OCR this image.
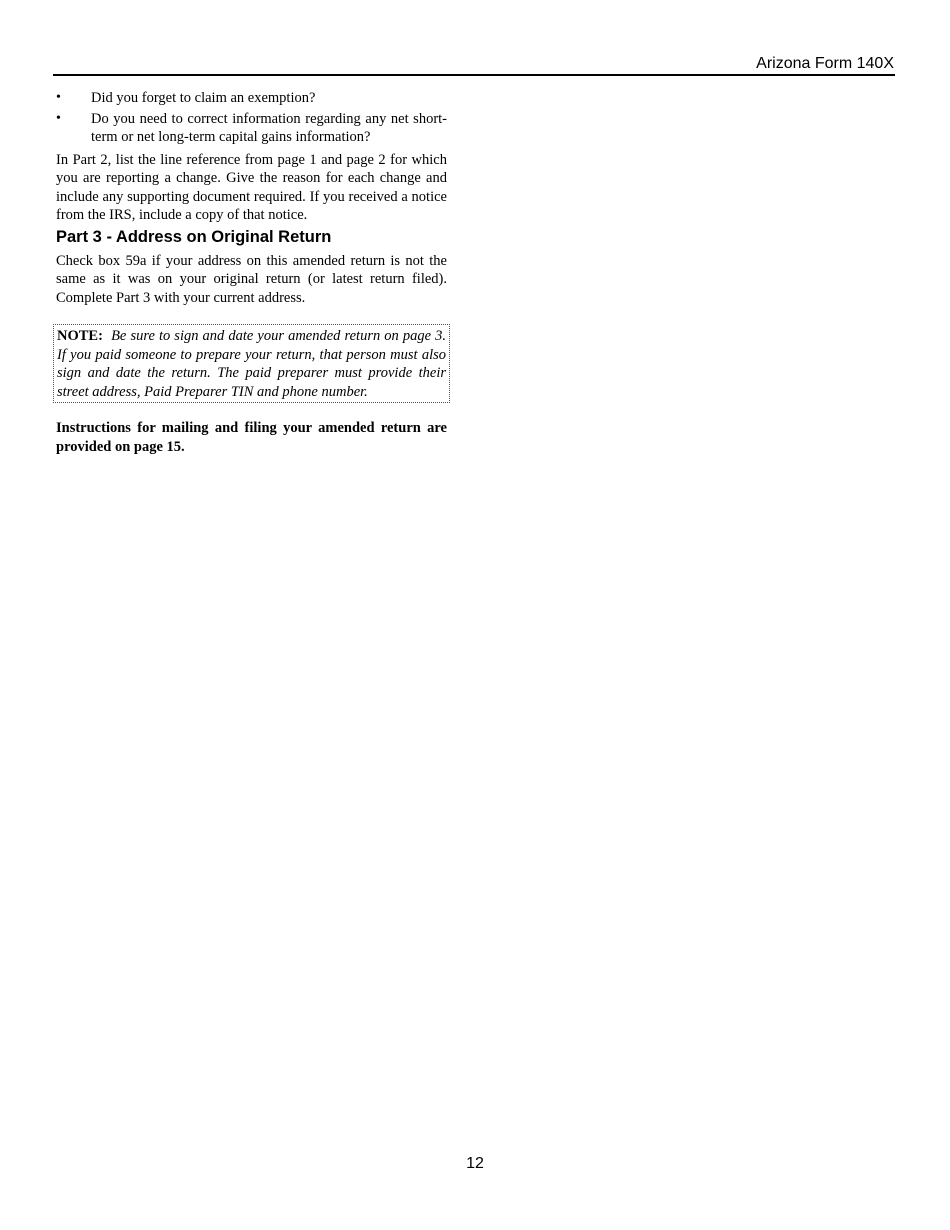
Arizona Form 140X
•	Did you forget to claim an exemption?
•	Do you need to correct information regarding any net short-term or net long-term capital gains information?

In Part 2, list the line reference from page 1 and page 2 for which you are reporting a change. Give the reason for each change and include any supporting document required. If you received a notice from the IRS, include a copy of that notice.

Part 3 - Address on Original Return

Check box 59a if your address on this amended return is not the same as it was on your original return (or latest return filed). Complete Part 3 with your current address.

NOTE: Be sure to sign and date your amended return on page 3. If you paid someone to prepare your return, that person must also sign and date the return. The paid preparer must provide their street address, Paid Preparer TIN and phone number.

Instructions for mailing and filing your amended return are provided on page 15.

12
